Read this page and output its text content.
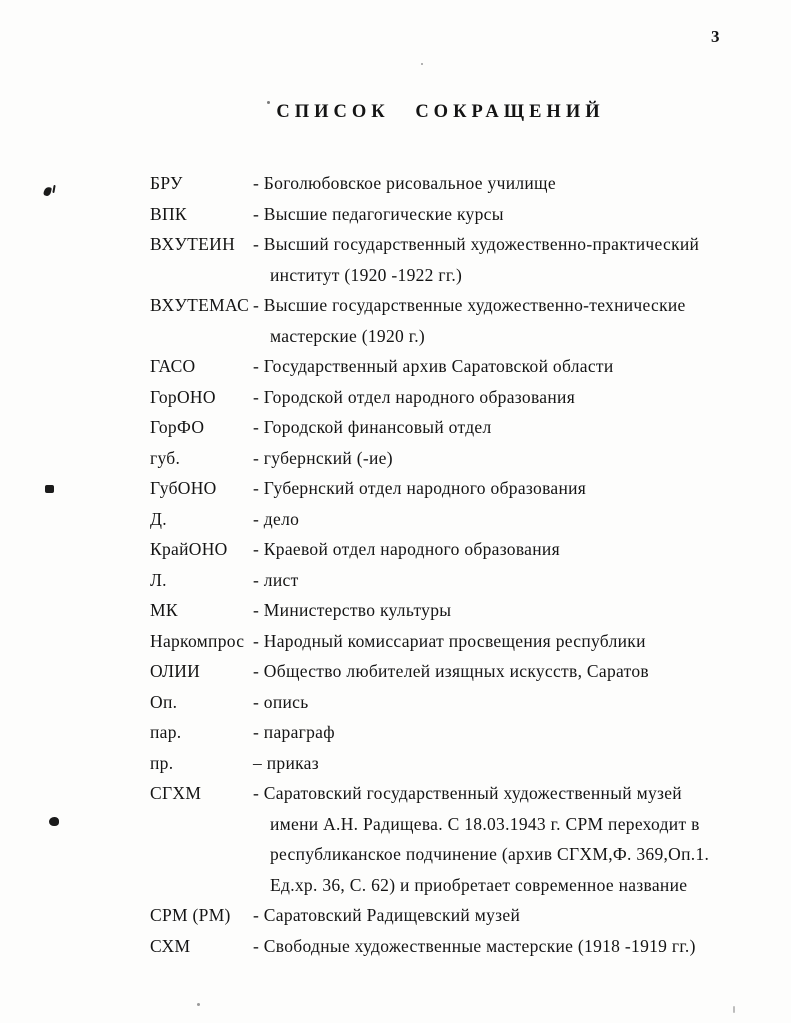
3
СПИСОК СОКРАЩЕНИЙ
БРУ	- Боголюбовское рисовальное училище
ВПК	- Высшие педагогические курсы
ВХУТЕИН - Высший государственный художественно-практический
институт (1920 -1922 гг.)
ВХУТЕМАС - Высшие государственные художественно-технические
мастерские (1920 г.)
ГАСО	- Государственный архив Саратовской области
ГорОНО - Городской отдел народного образования
ГорФО	- Городской финансовый отдел
губ.	- губернский (-ие)
ГубОНО - Губернский отдел народного образования
Д.	- дело
КрайОНО - Краевой отдел народного образования
Л.	- лист
МК	- Министерство культуры
Наркомпрос - Народный комиссариат просвещения республики
ОЛИИ	- Общество любителей изящных искусств, Саратов
Оп.	- опись
пар.	- параграф
пр.	– приказ
СГХМ	- Саратовский государственный художественный музей
имени А.Н. Радищева. С 18.03.1943 г. СРМ переходит в
республиканское подчинение (архив СГХМ,Ф. 369,Оп.1.
Ед.хр. 36, С. 62) и приобретает современное название
СРМ (РМ) - Саратовский Радищевский музей
СХМ	- Свободные художественные мастерские (1918 -1919 гг.)
